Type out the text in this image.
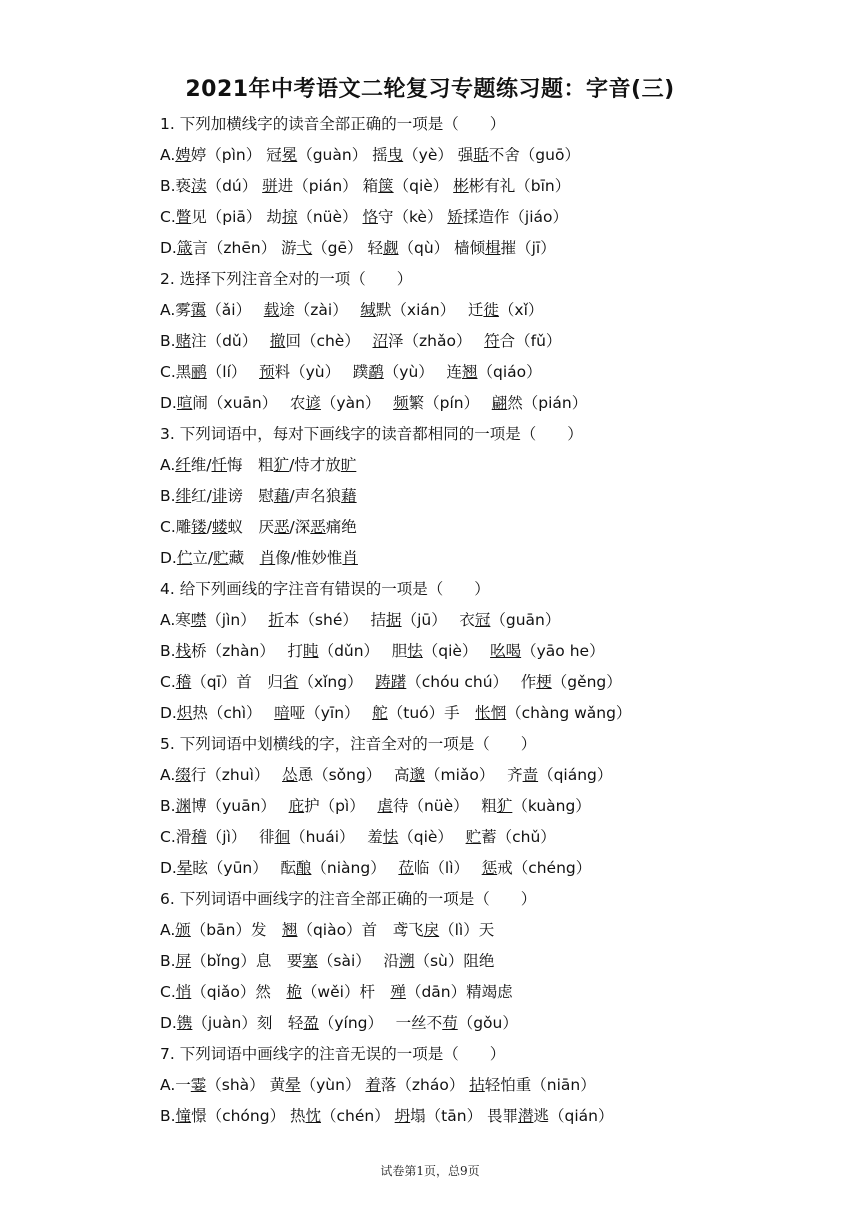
2021年中考语文二轮复习专题练习题：字音(三)
1. 下列加横线字的读音全部正确的一项是（　　）
A.娉婷（pìn） 冠冕（guàn） 摇曳（yè） 强聒不舍（guō）
B.亵渎（dú） 骈进（pián） 箱箧（qiè） 彬彬有礼（bīn）
C.瞥见（piā） 劫掠（nüè） 恪守（kè） 矫揉造作（jiáo）
D.箴言（zhēn） 游弋（gē） 轻觑（qù） 樯倾楫摧（jī）
2. 选择下列注音全对的一项（　　）
A.雾霭（ǎi）　 载途（zài）　 缄默（xián）　 迁徙（xǐ）
B.赌注（dǔ）　 撤回（chè）　 沼泽（zhǎo）　 符合（fǔ）
C.黑鹂（lí）　 预料（yù）　 蹼鹬（yù）　 连翘（qiáo）
D.喧闹（xuān）　 农谚（yàn）　 频繁（pín）　 翩然（pián）
3. 下列词语中，每对下画线字的读音都相同的一项是（　　）
A.纤维/忏悔　粗犷/恃才放旷
B.绯红/诽谤　慰藉/声名狼藉
C.雕镂/蝼蚁　厌恶/深恶痛绝
D.伫立/贮藏　肖像/惟妙惟肖
4. 给下列画线的字注音有错误的一项是（　　）
A.寒噤（jìn）　 折本（shé）　 拮据（jū）　 衣冠（guān）
B.栈桥（zhàn）　 打盹（dǔn）　 胆怯（qiè）　 吆喝（yāo he）
C.稽（qī）首　归省（xǐng）　 踌躇（chóu chú）　 作梗（gěng）
D.炽热（chì）　 喑哑（yīn）　 舵（tuó）手　怅惘（chàng wǎng）
5. 下列词语中划横线的字，注音全对的一项是（　　）
A.缀行（zhuì）　 怂恿（sǒng）　 高邈（miǎo）　 齐啬（qiáng）
B.渊博（yuān）　 庇护（pì）　 虐待（nüè）　 粗犷（kuàng）
C.滑稽（jì）　 徘徊（huái）　 羞怯（qiè）　 贮蓄（chǔ）
D.晕眩（yūn）　 酝酿（niàng）　 莅临（lì）　 惩戒（chéng）
6. 下列词语中画线字的注音全部正确的一项是（　　）
A.颁（bān）发　翘（qiào）首　鸢飞戾（lì）天
B.屏（bǐng）息　要塞（sài）　 沿溯（sù）阻绝
C.悄（qiǎo）然　桅（wěi）杆　殚（dān）精竭虑
D.镌（juàn）刻　轻盈（yíng）　 一丝不苟（gǒu）
7. 下列词语中画线字的注音无误的一项是（　　）
A.一霎（shà） 黄晕（yùn） 着落（zháo） 拈轻怕重（niān）
B.憧憬（chóng） 热忱（chén） 坍塌（tān） 畏罪潜逃（qián）
试卷第1页，总9页
